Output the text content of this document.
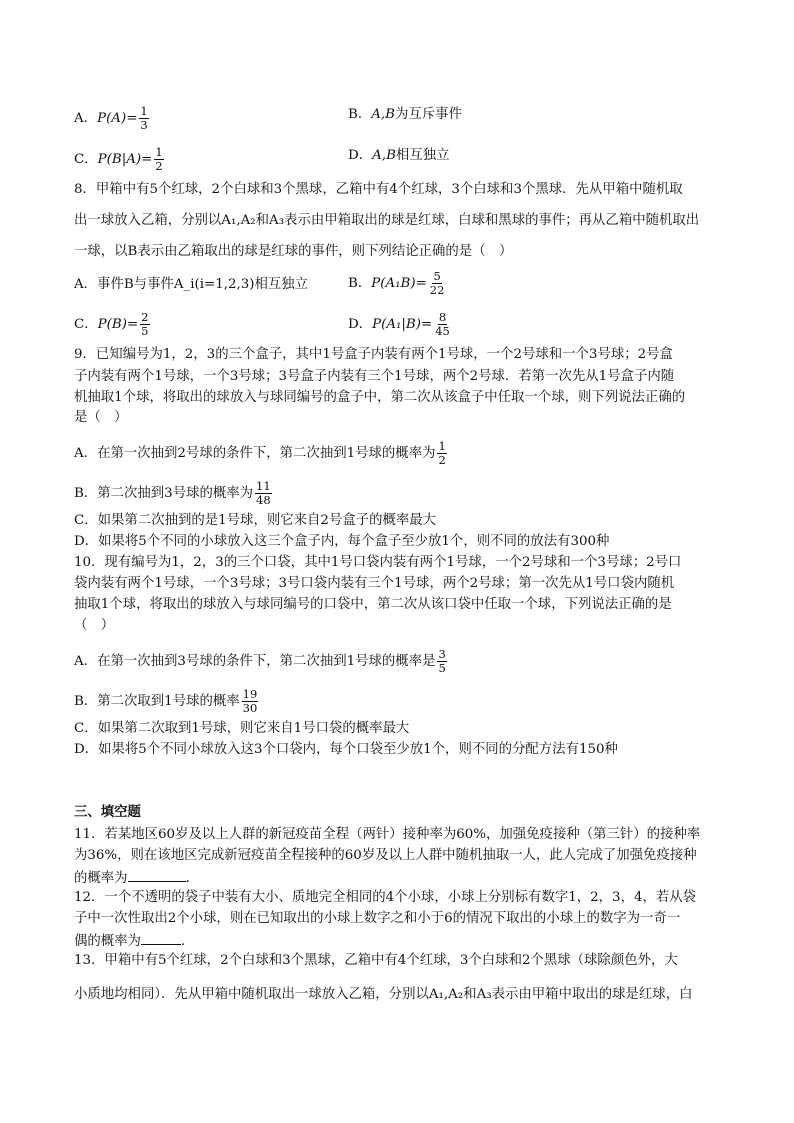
A．$P(A)= \frac{1}{3}$	B．A,B为互斥事件
C．$P(B|A)= \frac{1}{2}$	D．A,B相互独立
8．甲箱中有5个红球，2个白球和3个黑球，乙箱中有4个红球，3个白球和3个黑球．先从甲箱中随机取
出一球放入乙箱，分别以A₁,A₂和A₃表示由甲箱取出的球是红球，白球和黑球的事件；再从乙箱中随机取出
一球，以B表示由乙箱取出的球是红球的事件，则下列结论正确的是（　）
A．事件B与事件A_i(i=1,2,3)相互独立	B．$P(A_1B)= \frac{5}{22}$
C．$P(B)= \frac{2}{5}$	D．$P(A_1|B)= \frac{8}{45}$
9．已知编号为1，2，3的三个盒子，其中1号盒子内装有两个1号球，一个2号球和一个3号球；2号盒
子内装有两个1号球，一个3号球；3号盒子内装有三个1号球，两个2号球．若第一次先从1号盒子内随
机抽取1个球，将取出的球放入与球同编号的盒子中，第二次从该盒子中任取一个球，则下列说法正确的
是（　）
A．在第一次抽到2号球的条件下，第二次抽到1号球的概率为 $\frac{1}{2}$
B．第二次抽到3号球的概率为 $\frac{11}{48}$
C．如果第二次抽到的是1号球，则它来自2号盒子的概率最大
D．如果将5个不同的小球放入这三个盒子内，每个盒子至少放1个，则不同的放法有300种
10．现有编号为1，2，3的三个口袋，其中1号口袋内装有两个1号球，一个2号球和一个3号球；2号口
袋内装有两个1号球，一个3号球；3号口袋内装有三个1号球，两个2号球；第一次先从1号口袋内随机
抽取1个球，将取出的球放入与球同编号的口袋中，第二次从该口袋中任取一个球，下列说法正确的是
（　）
A．在第一次抽到3号球的条件下，第二次抽到1号球的概率是 $\frac{3}{5}$
B．第二次取到1号球的概率 $\frac{19}{30}$
C．如果第二次取到1号球，则它来自1号口袋的概率最大
D．如果将5个不同小球放入这3个口袋内，每个口袋至少放1个，则不同的分配方法有150种
三、填空题
11．若某地区60岁及以上人群的新冠疫苗全程（两针）接种率为60%，加强免疫接种（第三针）的接种率
为36%，则在该地区完成新冠疫苗全程接种的60岁及以上人群中随机抽取一人，此人完成了加强免疫接种
的概率为	．
12．一个不透明的袋子中装有大小、质地完全相同的4个小球，小球上分别标有数字1，2，3，4，若从袋
子中一次性取出2个小球，则在已知取出的小球上数字之和小于6的情况下取出的小球上的数字为一奇一
偶的概率为	．
13．甲箱中有5个红球，2个白球和3个黑球，乙箱中有4个红球，3个白球和2个黑球（球除颜色外，大
小质地均相同）．先从甲箱中随机取出一球放入乙箱，分别以A₁,A₂和A₃表示由甲箱中取出的球是红球，白
